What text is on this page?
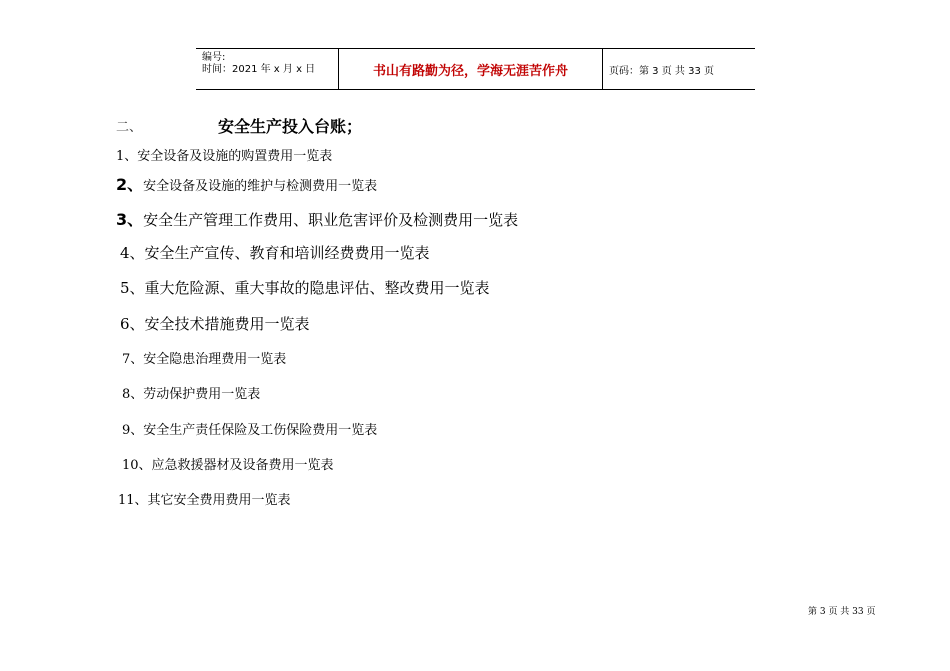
编号:
时间：2021 年 x 月 x 日	书山有路勤为径，学海无涯苦作舟	页码：第 3 页 共 33 页
二、	安全生产投入台账；
1、安全设备及设施的购置费用一览表
2、安全设备及设施的维护与检测费用一览表
3、安全生产管理工作费用、职业危害评价及检测费用一览表
4、安全生产宣传、教育和培训经费费用一览表
5、重大危险源、重大事故的隐患评估、整改费用一览表
6、安全技术措施费用一览表
7、安全隐患治理费用一览表
8、劳动保护费用一览表
9、安全生产责任保险及工伤保险费用一览表
10、应急救援器材及设备费用一览表
11、其它安全费用费用一览表
第 3 页 共 33 页
